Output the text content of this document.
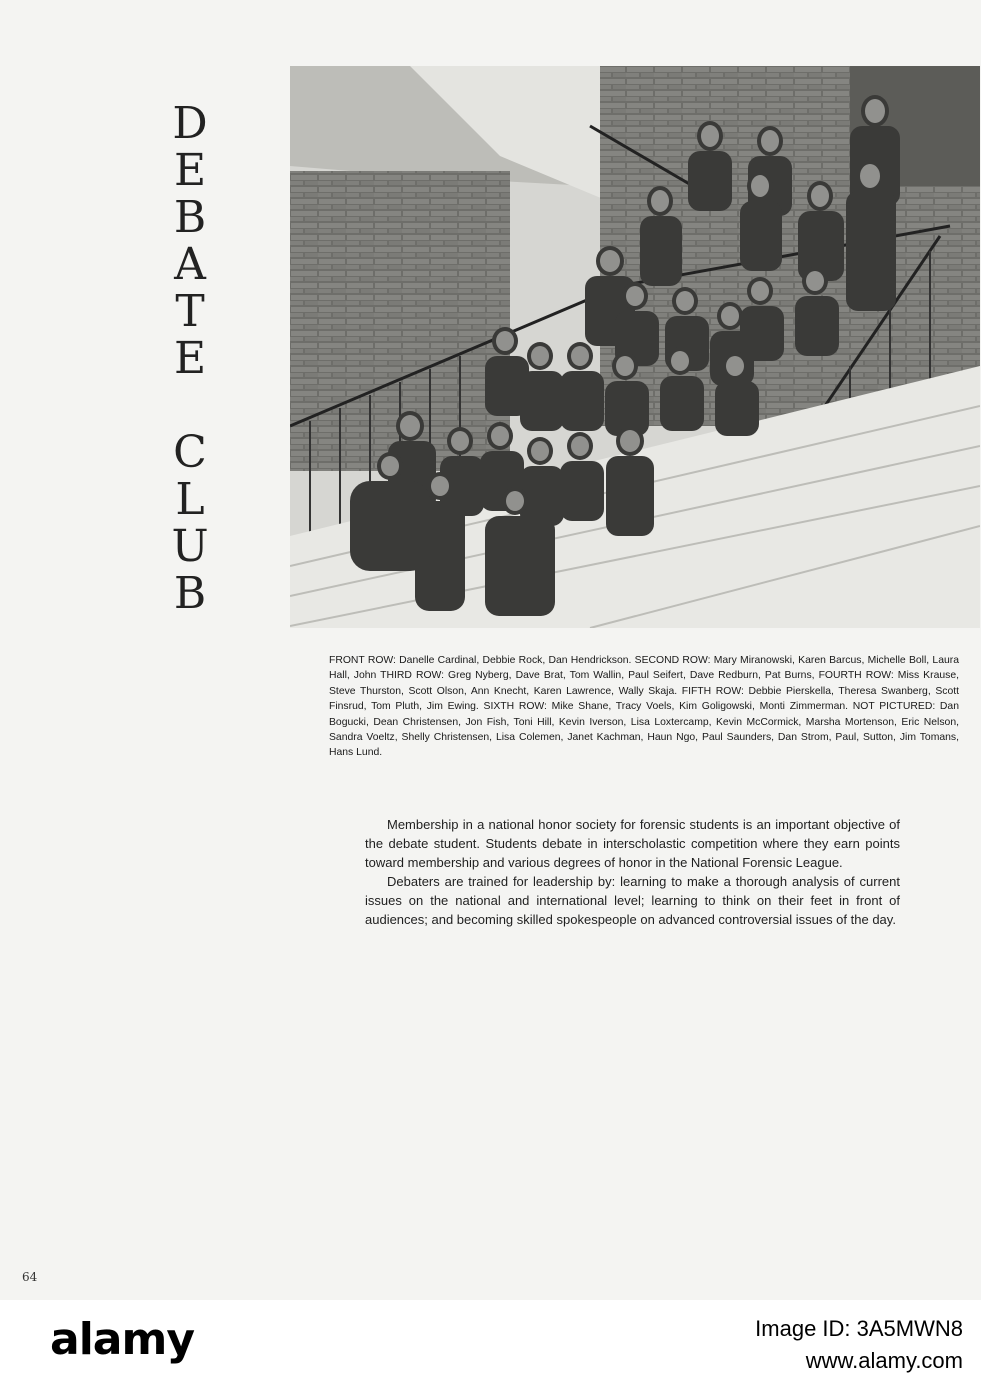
D
E
B
A
T
E
C
L
U
B
FRONT ROW: Danelle Cardinal, Debbie Rock, Dan Hendrickson. SECOND ROW: Mary Miranowski, Karen Barcus, Michelle Boll, Laura Hall, John THIRD ROW: Greg Nyberg, Dave Brat, Tom Wallin, Paul Seifert, Dave Redburn, Pat Burns, FOURTH ROW: Miss Krause, Steve Thurston, Scott Olson, Ann Knecht, Karen Lawrence, Wally Skaja. FIFTH ROW: Debbie Pierskella, Theresa Swanberg, Scott Finsrud, Tom Pluth, Jim Ewing. SIXTH ROW: Mike Shane, Tracy Voels, Kim Goligowski, Monti Zimmerman. NOT PICTURED: Dan Bogucki, Dean Christensen, Jon Fish, Toni Hill, Kevin Iverson, Lisa Loxtercamp, Kevin McCormick, Marsha Mortenson, Eric Nelson, Sandra Voeltz, Shelly Christensen, Lisa Colemen, Janet Kachman, Haun Ngo, Paul Saunders, Dan Strom, Paul, Sutton, Jim Tomans, Hans Lund.

Membership in a national honor society for forensic students is an important objective of the debate student. Students debate in interscholastic competition where they earn points toward membership and various degrees of honor in the National Forensic League.

Debaters are trained for leadership by: learning to make a thorough analysis of current issues on the national and international level; learning to think on their feet in front of audiences; and becoming skilled spokespeople on advanced controversial issues of the day.

64
alamy	Image ID: 3A5MWN8
www.alamy.com
